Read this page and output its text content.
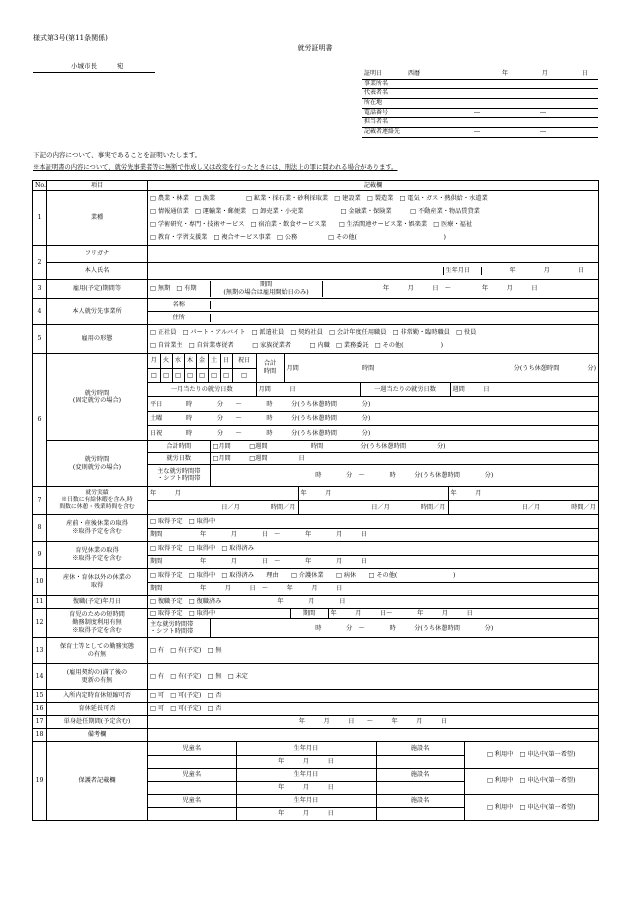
様式第3号(第11条関係)
就労証明書
小城市長	宛
証明日	西暦 年 月 日
事業所名	
代表者名	
所在地	
電話番号	― ―
担当者名	
記載者連絡先	― ―
下記の内容について、事実であることを証明いたします。
※本証明書の内容について、就労先事業者等に無断で作成し又は改変を行ったときには、刑法上の罪に問われる場合があります。
No.	項目	記載欄
1	業種	
□ 農業・林業　□ 漁業　　　　　□ 鉱業・採石業・砂利採取業　□ 建設業　□ 製造業　□ 電気・ガス・熱供給・水道業
□ 情報通信業　□ 運輸業・郵便業　□ 卸売業・小売業　　　　　　□ 金融業・保険業　　　□ 不動産業・物品賃貸業
□ 学術研究・専門・技術サービス　□ 宿泊業・飲食サービス業　　□ 生活関連サービス業・娯楽業　□ 医療・福祉
□ 教育・学習支援業　□ 複合サービス事業　□ 公務　　　　　□ その他(　　　　　　　　　　　　　　)

2	フリガナ	
本人氏名	
		生年月日	年	月	日

3	雇用(予定)期間等		□ 無期　□ 有期	
期間
(無期の場合は雇用開始日のみ)
	年　　　月　　　日　～　　　　　年　　　月　　　日

4	本人就労先事業所	
名称	

住所	

5	雇用の形態	
□ 正社員　□ パート・アルバイト　□ 派遣社員　□ 契約社員　□ 会計年度任用職員　□ 非常勤・臨時職員　□ 役員
□ 自営業主　□ 自営業専従者　　　□ 家族従業者　　　□ 内職　□ 業務委託　□ その他(　　　　　　)

6	就労時間
(固定就労の場合)	
月	火	水	木	金	土	日	祝日	合計
時間	月間	時間	分(うち休憩時間	分)
□	□	□	□	□	□	□	□
一月当たりの就労日数	月間　　　日	一週当たりの就労日数	週間　　　日
平日	時　　　　分　　～　　　　時　　　分(うち休憩時間　　　　分)
土曜	時　　　　分　　～　　　　時　　　分(うち休憩時間　　　　分)
日祝	時　　　　分　　～　　　　時　　　分(うち休憩時間　　　　分)

就労時間
(変則就労の場合)	
合計時間	□月間　　　□週間　　　　　　　時間　　　　　　分(うち休憩時間　　　　　分)
就労日数	□月間　　　□週間　　　　　日
主な就労時間帯
・シフト時間帯	時　　　　分　～　　　　時　　　分(うち休憩時間　　　　分)

7	就労実績
※日数に有給休暇を含み,時
間数に休憩・残業時間を含む	
年　　　月	年　　　月	年　　　月
日／月　　　　　時間／月	日／月　　　　　時間／月	日／月　　　　　時間／月

8	産前・産後休業の取得
※取得予定を含む	
□ 取得予定　□ 取得中
期間	年　　　　月　　　　日　～　　　　年　　　　月　　　日

9	育児休業の取得
※取得予定を含む	
□ 取得予定　□ 取得中　□ 取得済み
期間	年　　　　月　　　　日　～　　　　年　　　　月　　　日

10	産休・育休以外の休業の
取得	
□ 取得予定　□ 取得中　□ 取得済み　　理由　　□ 介護休業　　□ 病休　　□ その他(　　　　　　　　　)
期間	年　　　月　　　日　～　　　年　　　月　　　日

11	復職(予定)年月日	□ 復職予定　□ 復職済み	年　　　　月　　　　日
12	育児のための短時間
勤務制度利用有無
※取得予定を含む	
□ 取得予定　□ 取得中	期間	年　　　月　　　日～　　　　年　　　月　　　日
主な就労時間帯
・シフト時間帯	時　　　　分　～　　　　時　　　分(うち休憩時間　　　　分)

13	保育士等としての勤務実態
の有無	□ 有　□ 有(予定)　□ 無
14	(雇用契約の)満了後の
更新の有無	□ 有　□ 有(予定)　□ 無　□ 未定
15	入所内定時育休短縮可否	□ 可　□ 可(予定)　□ 否
16	育休延長可否	□ 可　□ 可(予定)　□ 否
17	単身赴任期間(予定含む)	年　　　月　　　日　　～　　　年　　　月　　　日
18	備考欄	
19	保護者記載欄	
児童名	生年月日	施設名	□ 利用中　□ 申込中(第一希望)
	年　　　月　　　日	
児童名	生年月日	施設名	□ 利用中　□ 申込中(第一希望)
	年　　　月　　　日	
児童名	生年月日	施設名	□ 利用中　□ 申込中(第一希望)
	年　　　月　　　日	
